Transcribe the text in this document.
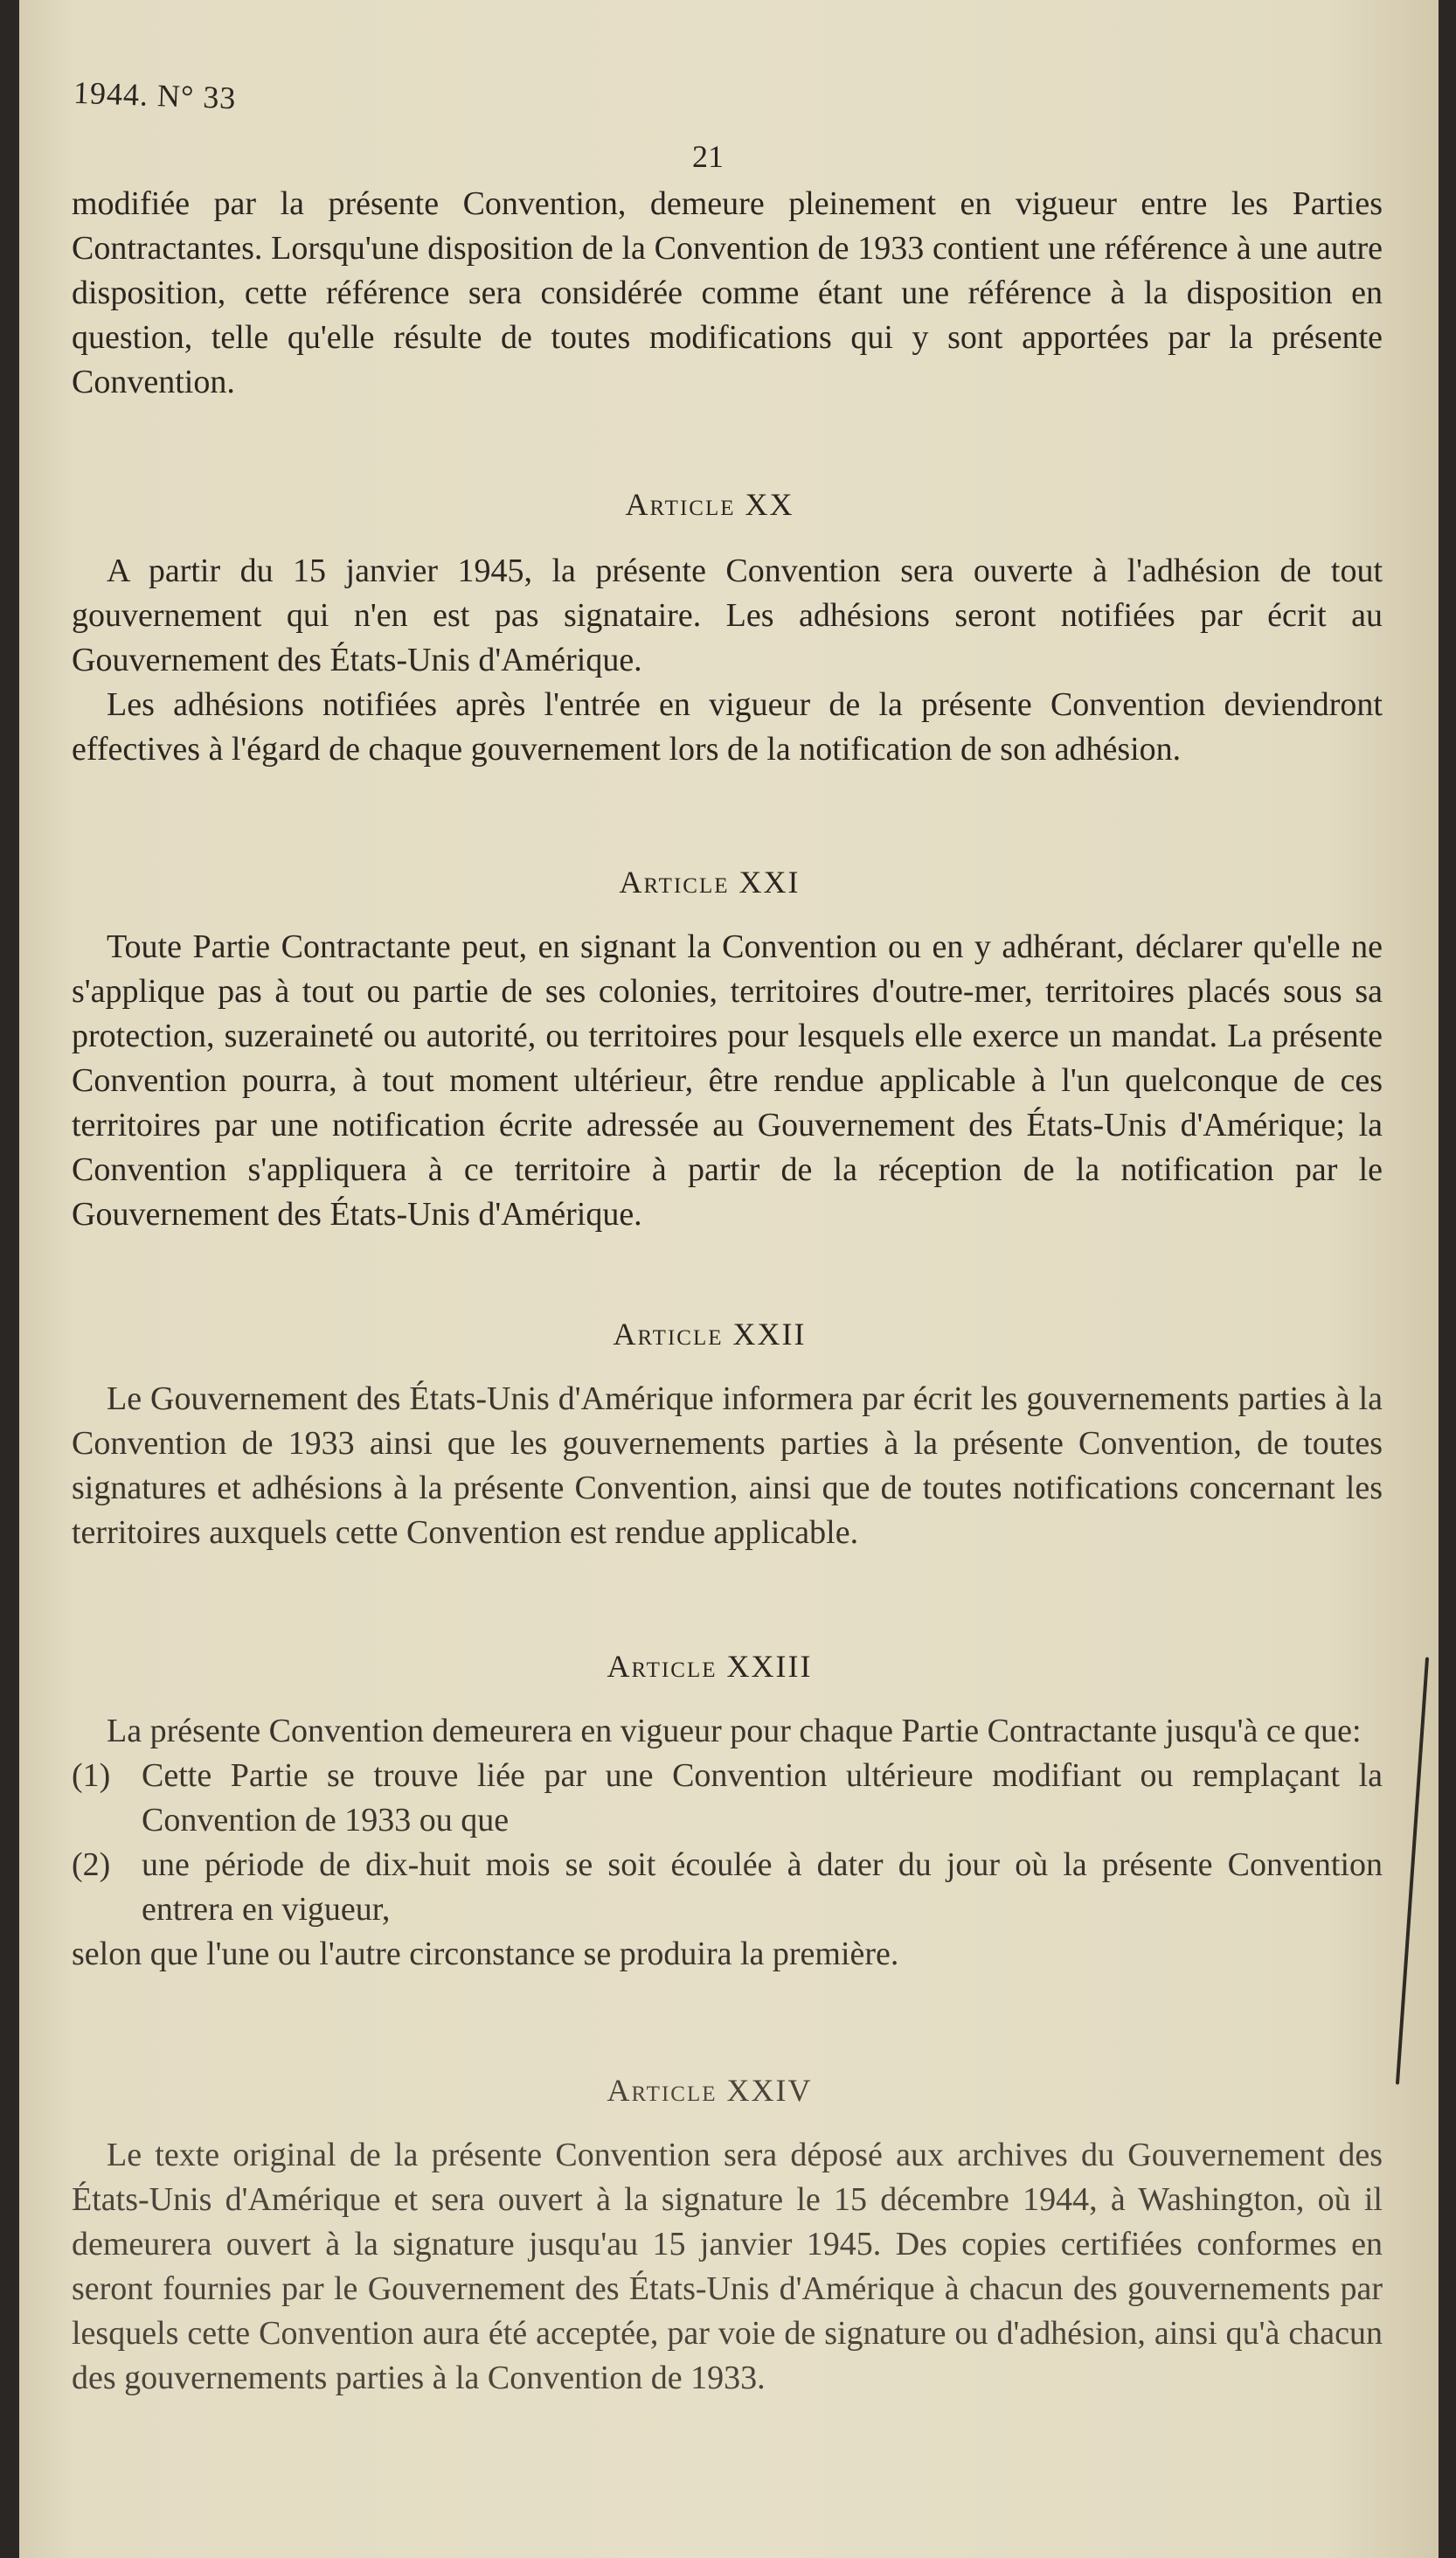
1944. N° 33
21

modifiée par la présente Convention, demeure pleinement en vigueur entre les Parties Contractantes. Lorsqu'une disposition de la Convention de 1933 contient une référence à une autre disposition, cette référence sera considérée comme étant une référence à la disposition en question, telle qu'elle résulte de toutes modifications qui y sont apportées par la présente Convention.

Article XX

A partir du 15 janvier 1945, la présente Convention sera ouverte à l'adhésion de tout gouvernement qui n'en est pas signataire. Les adhésions seront notifiées par écrit au Gouvernement des États-Unis d'Amérique.

Les adhésions notifiées après l'entrée en vigueur de la présente Convention deviendront effectives à l'égard de chaque gouvernement lors de la notification de son adhésion.

Article XXI

Toute Partie Contractante peut, en signant la Convention ou en y adhérant, déclarer qu'elle ne s'applique pas à tout ou partie de ses colonies, territoires d'outre-mer, territoires placés sous sa protection, suzeraineté ou autorité, ou territoires pour lesquels elle exerce un mandat. La présente Convention pourra, à tout moment ultérieur, être rendue applicable à l'un quelconque de ces territoires par une notification écrite adressée au Gouvernement des États-Unis d'Amérique; la Convention s'appliquera à ce territoire à partir de la réception de la notification par le Gouvernement des États-Unis d'Amérique.

Article XXII

Le Gouvernement des États-Unis d'Amérique informera par écrit les gouvernements parties à la Convention de 1933 ainsi que les gouvernements parties à la présente Convention, de toutes signatures et adhésions à la présente Convention, ainsi que de toutes notifications concernant les territoires auxquels cette Convention est rendue applicable.

Article XXIII

La présente Convention demeurera en vigueur pour chaque Partie Contractante jusqu'à ce que:

(1) Cette Partie se trouve liée par une Convention ultérieure modifiant ou remplaçant la Convention de 1933 ou que
(2) une période de dix-huit mois se soit écoulée à dater du jour où la présente Convention entrera en vigueur,

selon que l'une ou l'autre circonstance se produira la première.

Article XXIV

Le texte original de la présente Convention sera déposé aux archives du Gouvernement des États-Unis d'Amérique et sera ouvert à la signature le 15 décembre 1944, à Washington, où il demeurera ouvert à la signature jusqu'au 15 janvier 1945. Des copies certifiées conformes en seront fournies par le Gouvernement des États-Unis d'Amérique à chacun des gouvernements par lesquels cette Convention aura été acceptée, par voie de signature ou d'adhésion, ainsi qu'à chacun des gouvernements parties à la Convention de 1933.
